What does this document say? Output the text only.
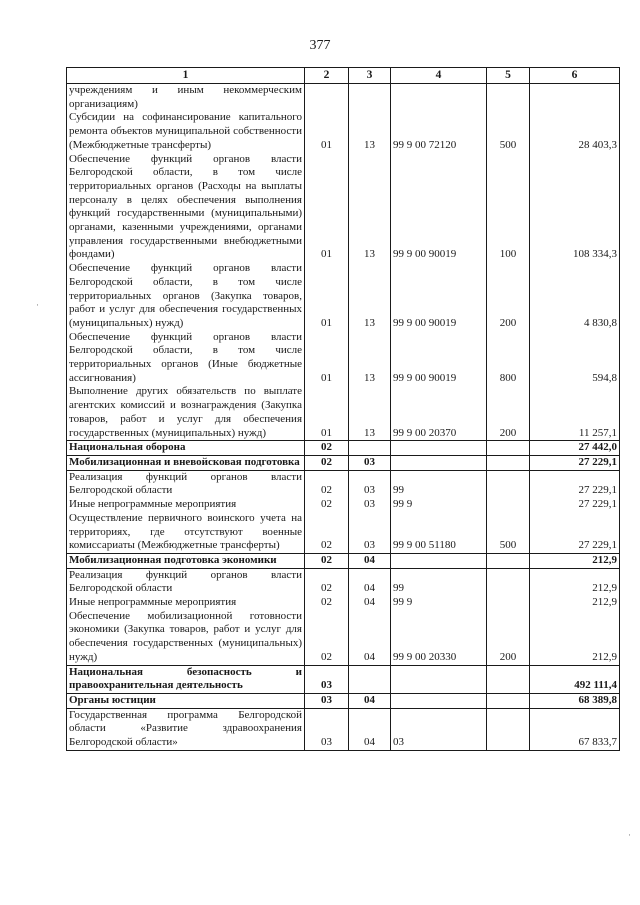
377
1	2	3	4	5	6
учреждениям и иным некоммерческим организациям)					
Субсидии на софинансирование капитального ремонта объектов муниципальной собственности (Межбюджетные трансферты)	01	13	99 9 00 72120	500	28 403,3
Обеспечение функций органов власти Белгородской области, в том числе территориальных органов (Расходы на выплаты персоналу в целях обеспечения выполнения функций государственными (муниципальными) органами, казенными учреждениями, органами управления государственными внебюджетными фондами)	01	13	99 9 00 90019	100	108 334,3
Обеспечение функций органов власти Белгородской области, в том числе территориальных органов (Закупка товаров, работ и услуг для обеспечения государственных (муниципальных) нужд)	01	13	99 9 00 90019	200	4 830,8
Обеспечение функций органов власти Белгородской области, в том числе территориальных органов (Иные бюджетные ассигнования)	01	13	99 9 00 90019	800	594,8
Выполнение других обязательств по выплате агентских комиссий и вознаграждения (Закупка товаров, работ и услуг для обеспечения государственных (муниципальных) нужд)	01	13	99 9 00 20370	200	11 257,1
Национальная оборона	02				27 442,0
Мобилизационная и вневойсковая подготовка	02	03			27 229,1
Реализация функций органов власти Белгородской области	02	03	99		27 229,1
Иные непрограммные мероприятия	02	03	99 9		27 229,1
Осуществление первичного воинского учета на территориях, где отсутствуют военные комиссариаты (Межбюджетные трансферты)	02	03	99 9 00 51180	500	27 229,1
Мобилизационная подготовка экономики	02	04			212,9
Реализация функций органов власти Белгородской области	02	04	99		212,9
Иные непрограммные мероприятия	02	04	99 9		212,9
Обеспечение мобилизационной готовности экономики (Закупка товаров, работ и услуг для обеспечения государственных (муниципальных) нужд)	02	04	99 9 00 20330	200	212,9
Национальная безопасность и правоохранительная деятельность	03				492 111,4
Органы юстиции	03	04			68 389,8
Государственная программа Белгородской области «Развитие здравоохранения Белгородской области»	03	04	03		67 833,7
·
·
